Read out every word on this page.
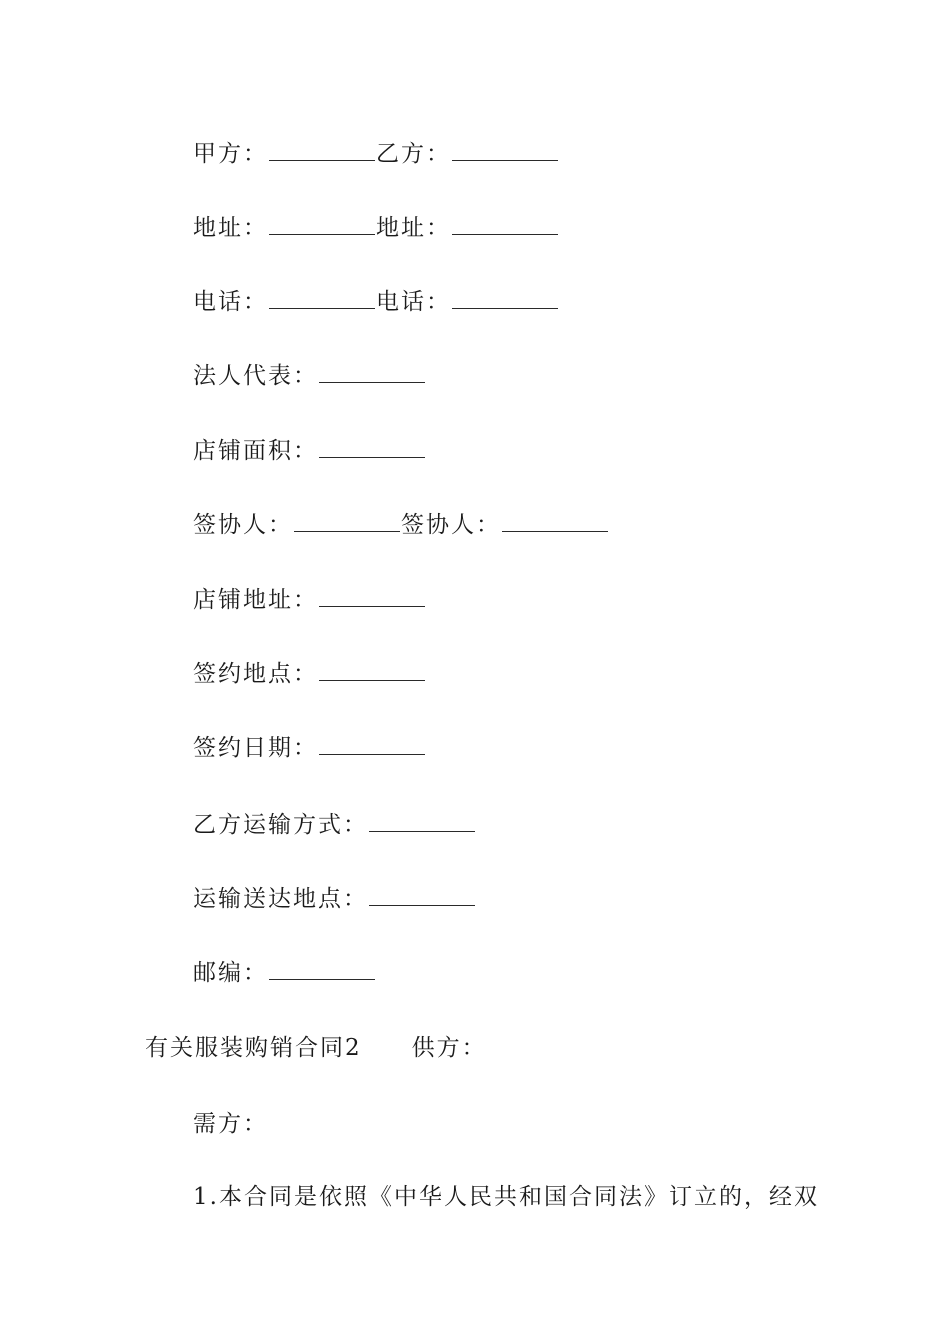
甲方：	乙方：
地址：	地址：
电话：	电话：
法人代表：
店铺面积：
签协人：	签协人：
店铺地址：
签约地点：
签约日期：
乙方运输方式：
运输送达地点：
邮编：
有关服装购销合同2 供方：
需方：
1.本合同是依照《中华人民共和国合同法》订立的，经双
